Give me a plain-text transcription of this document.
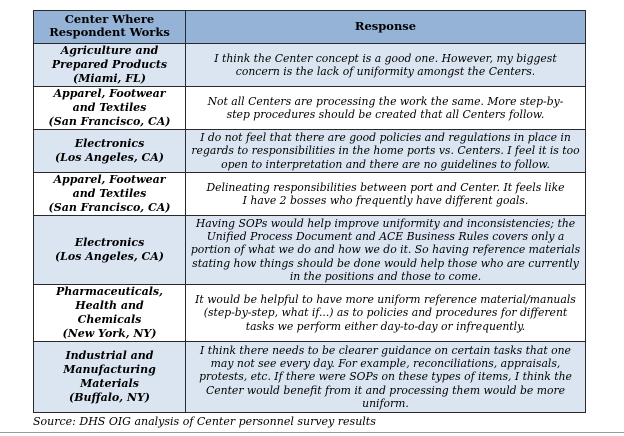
Center Where Respondent Works	Response

Agriculture and Prepared Products
(Miami, FL)	I think the Center concept is a good one. However, my biggest concern is the lack of uniformity amongst the Centers.

Apparel, Footwear and Textiles
(San Francisco, CA)	Not all Centers are processing the work the same. More step-by-step procedures should be created that all Centers follow.

Electronics
(Los Angeles, CA)	I do not feel that there are good policies and regulations in place in regards to responsibilities in the home ports vs. Centers. I feel it is too open to interpretation and there are no guidelines to follow.

Apparel, Footwear and Textiles
(San Francisco, CA)	Delineating responsibilities between port and Center. It feels like I have 2 bosses who frequently have different goals.

Electronics
(Los Angeles, CA)	Having SOPs would help improve uniformity and inconsistencies; the Unified Process Document and ACE Business Rules covers only a portion of what we do and how we do it. So having reference materials stating how things should be done would help those who are currently in the positions and those to come.

Pharmaceuticals, Health and Chemicals
(New York, NY)	It would be helpful to have more uniform reference material/manuals (step-by-step, what if...) as to policies and procedures for different tasks we perform either day-to-day or infrequently.

Industrial and Manufacturing Materials
(Buffalo, NY)	I think there needs to be clearer guidance on certain tasks that one may not see every day. For example, reconciliations, appraisals, protests, etc. If there were SOPs on these types of items, I think the Center would benefit from it and processing them would be more uniform.
Source: DHS OIG analysis of Center personnel survey results
